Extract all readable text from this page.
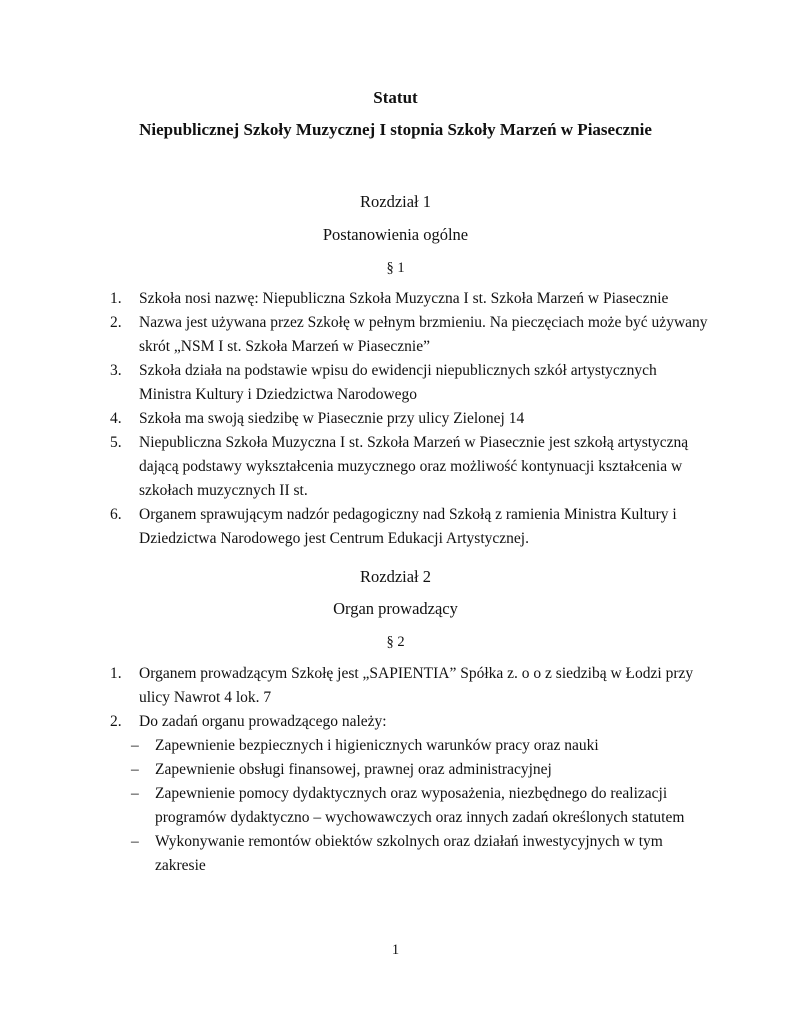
Statut
Niepublicznej Szkoły Muzycznej I stopnia Szkoły Marzeń w Piasecznie
Rozdział 1
Postanowienia ogólne

§ 1

1. Szkoła nosi nazwę: Niepubliczna Szkoła Muzyczna I st. Szkoła Marzeń w Piasecznie
2. Nazwa jest używana przez Szkołę w pełnym brzmieniu. Na pieczęciach może być używany skrót „NSM I st. Szkoła Marzeń w Piasecznie”
3. Szkoła działa na podstawie wpisu do ewidencji niepublicznych szkół artystycznych Ministra Kultury i Dziedzictwa Narodowego
4. Szkoła ma swoją siedzibę w Piasecznie przy ulicy Zielonej 14
5. Niepubliczna Szkoła Muzyczna I st. Szkoła Marzeń w Piasecznie jest szkołą artystyczną dającą podstawy wykształcenia muzycznego oraz możliwość kontynuacji kształcenia w szkołach muzycznych II st.
6. Organem sprawującym nadzór pedagogiczny nad Szkołą z ramienia Ministra Kultury i Dziedzictwa Narodowego jest Centrum Edukacji Artystycznej.
Rozdział 2
Organ prowadzący

§ 2

1. Organem prowadzącym Szkołę jest „SAPIENTIA” Spółka z. o o z siedzibą w Łodzi przy ulicy Nawrot 4 lok. 7
2. Do zadań organu prowadzącego należy:
– Zapewnienie bezpiecznych i higienicznych warunków pracy oraz nauki
– Zapewnienie obsługi finansowej, prawnej oraz administracyjnej
– Zapewnienie pomocy dydaktycznych oraz wyposażenia, niezbędnego do realizacji programów dydaktyczno – wychowawczych oraz innych zadań określonych statutem
– Wykonywanie remontów obiektów szkolnych oraz działań inwestycyjnych w tym zakresie

1
